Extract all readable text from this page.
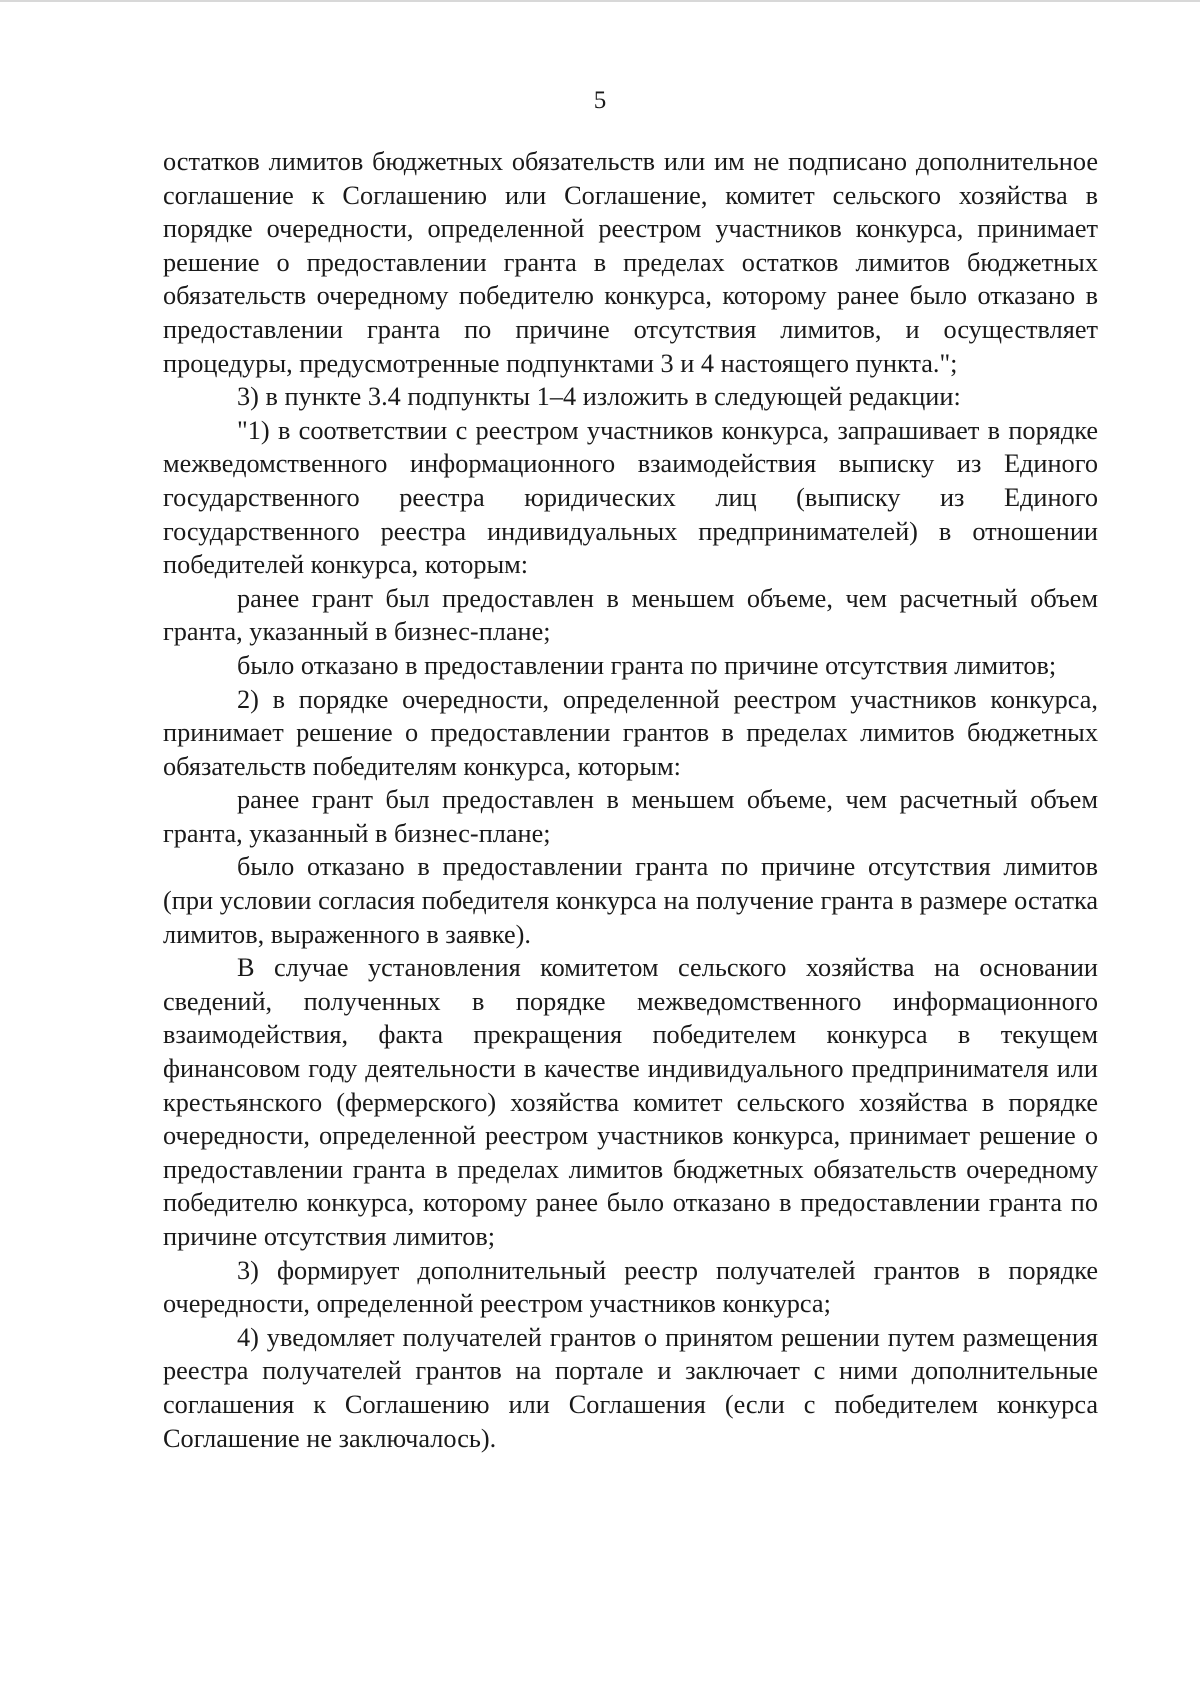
5

остатков лимитов бюджетных обязательств или им не подписано дополнительное соглашение к Соглашению или Соглашение, комитет сельского хозяйства в порядке очередности, определенной реестром участников конкурса, принимает решение о предоставлении гранта в пределах остатков лимитов бюджетных обязательств очередному победителю конкурса, которому ранее было отказано в предоставлении гранта по причине отсутствия лимитов, и осуществляет процедуры, предусмотренные подпунктами 3 и 4 настоящего пункта.";

3) в пункте 3.4 подпункты 1–4 изложить в следующей редакции:

"1) в соответствии с реестром участников конкурса, запрашивает в порядке межведомственного информационного взаимодействия выписку из Единого государственного реестра юридических лиц (выписку из Единого государственного реестра индивидуальных предпринимателей) в отношении победителей конкурса, которым:

ранее грант был предоставлен в меньшем объеме, чем расчетный объем гранта, указанный в бизнес-плане;

было отказано в предоставлении гранта по причине отсутствия лимитов;

2) в порядке очередности, определенной реестром участников конкурса, принимает решение о предоставлении грантов в пределах лимитов бюджетных обязательств победителям конкурса, которым:

ранее грант был предоставлен в меньшем объеме, чем расчетный объем гранта, указанный в бизнес-плане;

было отказано в предоставлении гранта по причине отсутствия лимитов (при условии согласия победителя конкурса на получение гранта в размере остатка лимитов, выраженного в заявке).

В случае установления комитетом сельского хозяйства на основании сведений, полученных в порядке межведомственного информационного взаимодействия, факта прекращения победителем конкурса в текущем финансовом году деятельности в качестве индивидуального предпринимателя или крестьянского (фермерского) хозяйства комитет сельского хозяйства в порядке очередности, определенной реестром участников конкурса, принимает решение о предоставлении гранта в пределах лимитов бюджетных обязательств очередному победителю конкурса, которому ранее было отказано в предоставлении гранта по причине отсутствия лимитов;

3) формирует дополнительный реестр получателей грантов в порядке очередности, определенной реестром участников конкурса;

4) уведомляет получателей грантов о принятом решении путем размещения реестра получателей грантов на портале и заключает с ними дополнительные соглашения к Соглашению или Соглашения (если с победителем конкурса Соглашение не заключалось).
